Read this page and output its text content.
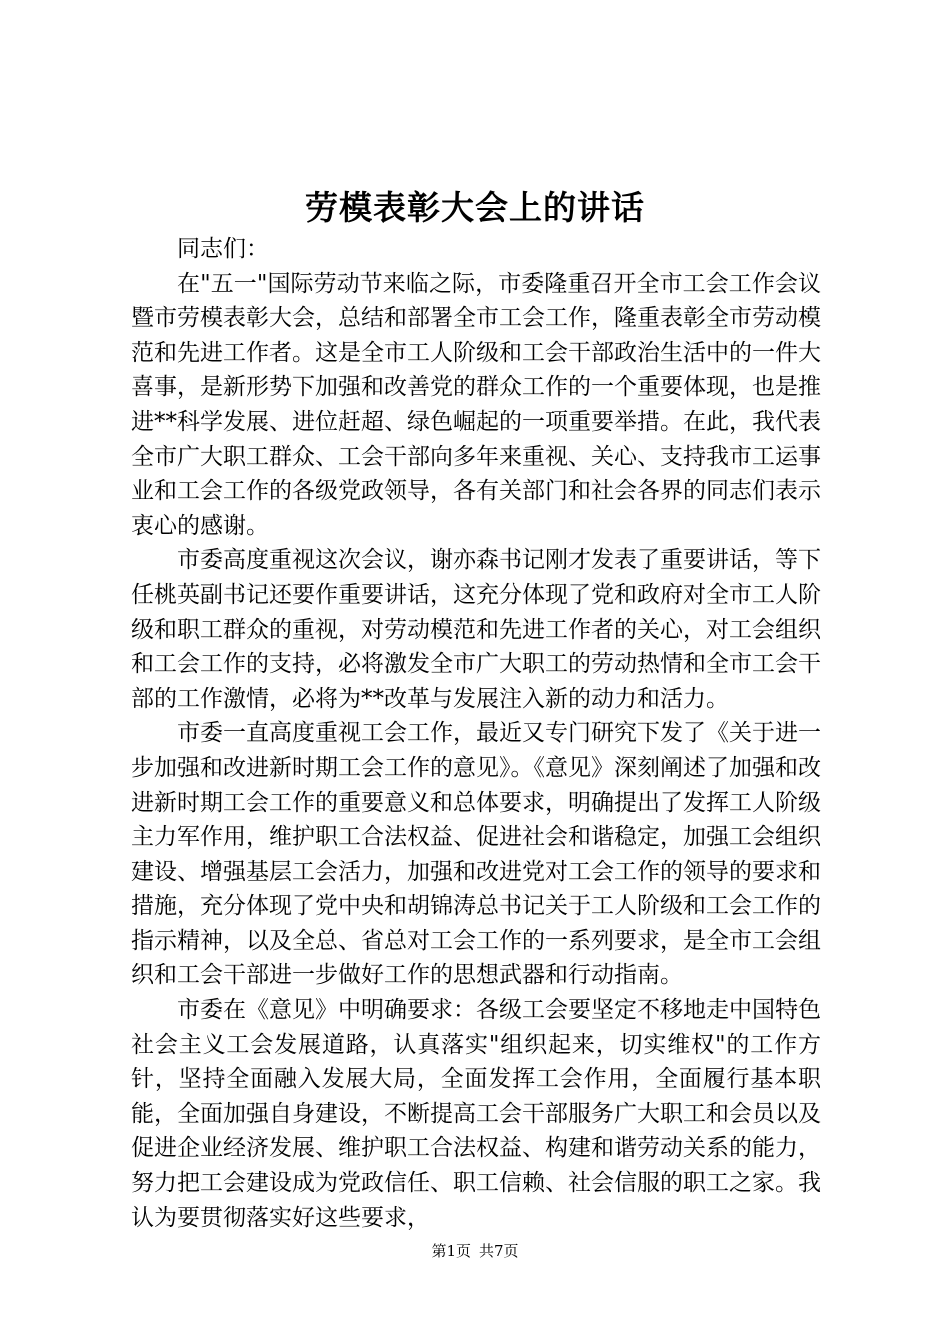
劳模表彰大会上的讲话

同志们：

在"五一"国际劳动节来临之际，市委隆重召开全市工会工作会议暨市劳模表彰大会，总结和部署全市工会工作，隆重表彰全市劳动模范和先进工作者。这是全市工人阶级和工会干部政治生活中的一件大喜事，是新形势下加强和改善党的群众工作的一个重要体现，也是推进**科学发展、进位赶超、绿色崛起的一项重要举措。在此，我代表全市广大职工群众、工会干部向多年来重视、关心、支持我市工运事业和工会工作的各级党政领导，各有关部门和社会各界的同志们表示衷心的感谢。

市委高度重视这次会议，谢亦森书记刚才发表了重要讲话，等下任桃英副书记还要作重要讲话，这充分体现了党和政府对全市工人阶级和职工群众的重视，对劳动模范和先进工作者的关心，对工会组织和工会工作的支持，必将激发全市广大职工的劳动热情和全市工会干部的工作激情，必将为**改革与发展注入新的动力和活力。

市委一直高度重视工会工作，最近又专门研究下发了《关于进一步加强和改进新时期工会工作的意见》。《意见》深刻阐述了加强和改进新时期工会工作的重要意义和总体要求，明确提出了发挥工人阶级主力军作用，维护职工合法权益、促进社会和谐稳定，加强工会组织建设、增强基层工会活力，加强和改进党对工会工作的领导的要求和措施，充分体现了党中央和胡锦涛总书记关于工人阶级和工会工作的指示精神，以及全总、省总对工会工作的一系列要求，是全市工会组织和工会干部进一步做好工作的思想武器和行动指南。

市委在《意见》中明确要求：各级工会要坚定不移地走中国特色社会主义工会发展道路，认真落实"组织起来，切实维权"的工作方针，坚持全面融入发展大局，全面发挥工会作用，全面履行基本职能，全面加强自身建设，不断提高工会干部服务广大职工和会员以及促进企业经济发展、维护职工合法权益、构建和谐劳动关系的能力，努力把工会建设成为党政信任、职工信赖、社会信服的职工之家。我认为要贯彻落实好这些要求，

第1页 共7页
